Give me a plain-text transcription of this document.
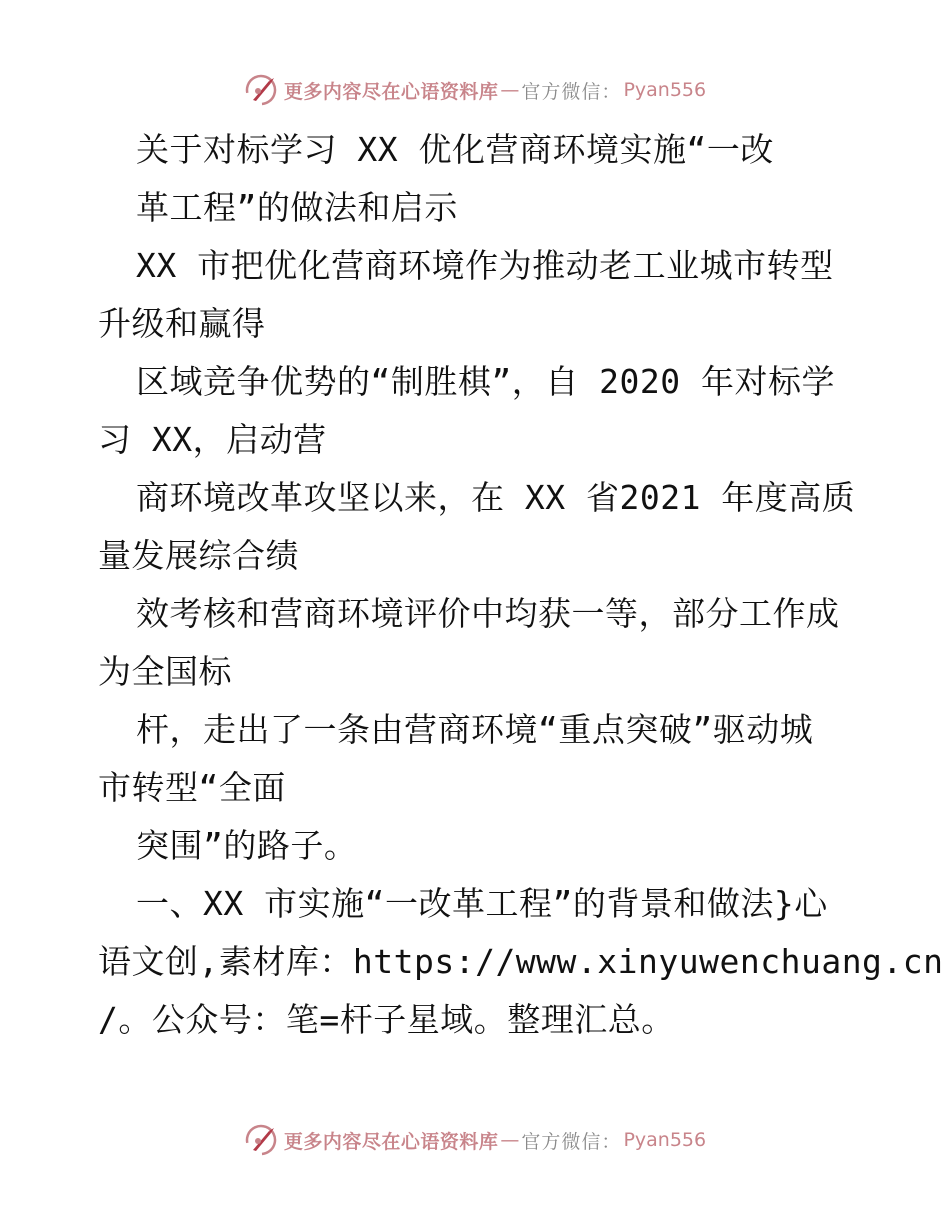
更多内容尽在心语资料库 — 官方微信： Pyan556
关于对标学习 XX 优化营商环境实施“一改
革工程”的做法和启示
XX 市把优化营商环境作为推动老工业城市转型
升级和赢得
区域竞争优势的“制胜棋”，自 2020 年对标学
习 XX，启动营
商环境改革攻坚以来，在 XX 省2021 年度高质
量发展综合绩
效考核和营商环境评价中均获一等，部分工作成
为全国标
杆，走出了一条由营商环境“重点突破”驱动城
市转型“全面
突围”的路子。
一、XX 市实施“一改革工程”的背景和做法}心
语文创,素材库：https://www.xinyuwenchuang.cn
/。公众号：笔=杆子星域。整理汇总。
更多内容尽在心语资料库 — 官方微信： Pyan556
